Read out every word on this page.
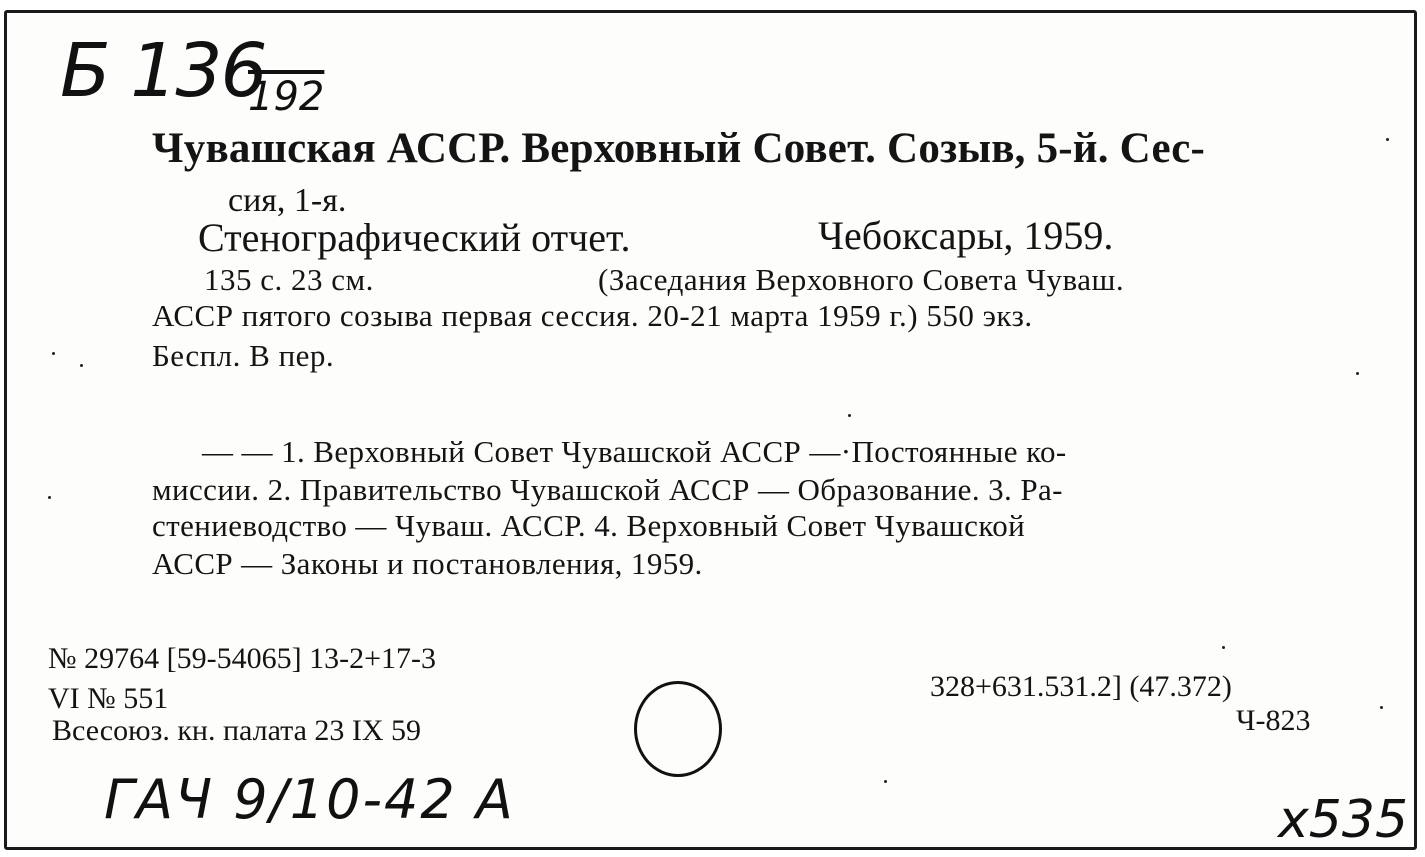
Б 136
192
Чувашская АССР. Верховный Совет. Созыв, 5-й. Сес-
сия, 1-я.
Стенографический отчет.	Чебоксары, 1959.
135 с. 23 см.	(Заседания Верховного Совета Чуваш.
АССР пятого созыва первая сессия. 20-21 марта 1959 г.) 550 экз.
Беспл. В пер.
— — 1. Верховный Совет Чувашской АССР —·Постоянные ко-
миссии. 2. Правительство Чувашской АССР — Образование. 3. Ра-
стениеводство — Чуваш. АССР. 4. Верховный Совет Чувашской
АССР — Законы и постановления, 1959.
№ 29764 [59-54065] 13-2+17-3
VI № 551
Всесоюз. кн. палата 23 IX 59
328+631.531.2] (47.372)
Ч-823
ГАЧ 9/10-42 A	x535
